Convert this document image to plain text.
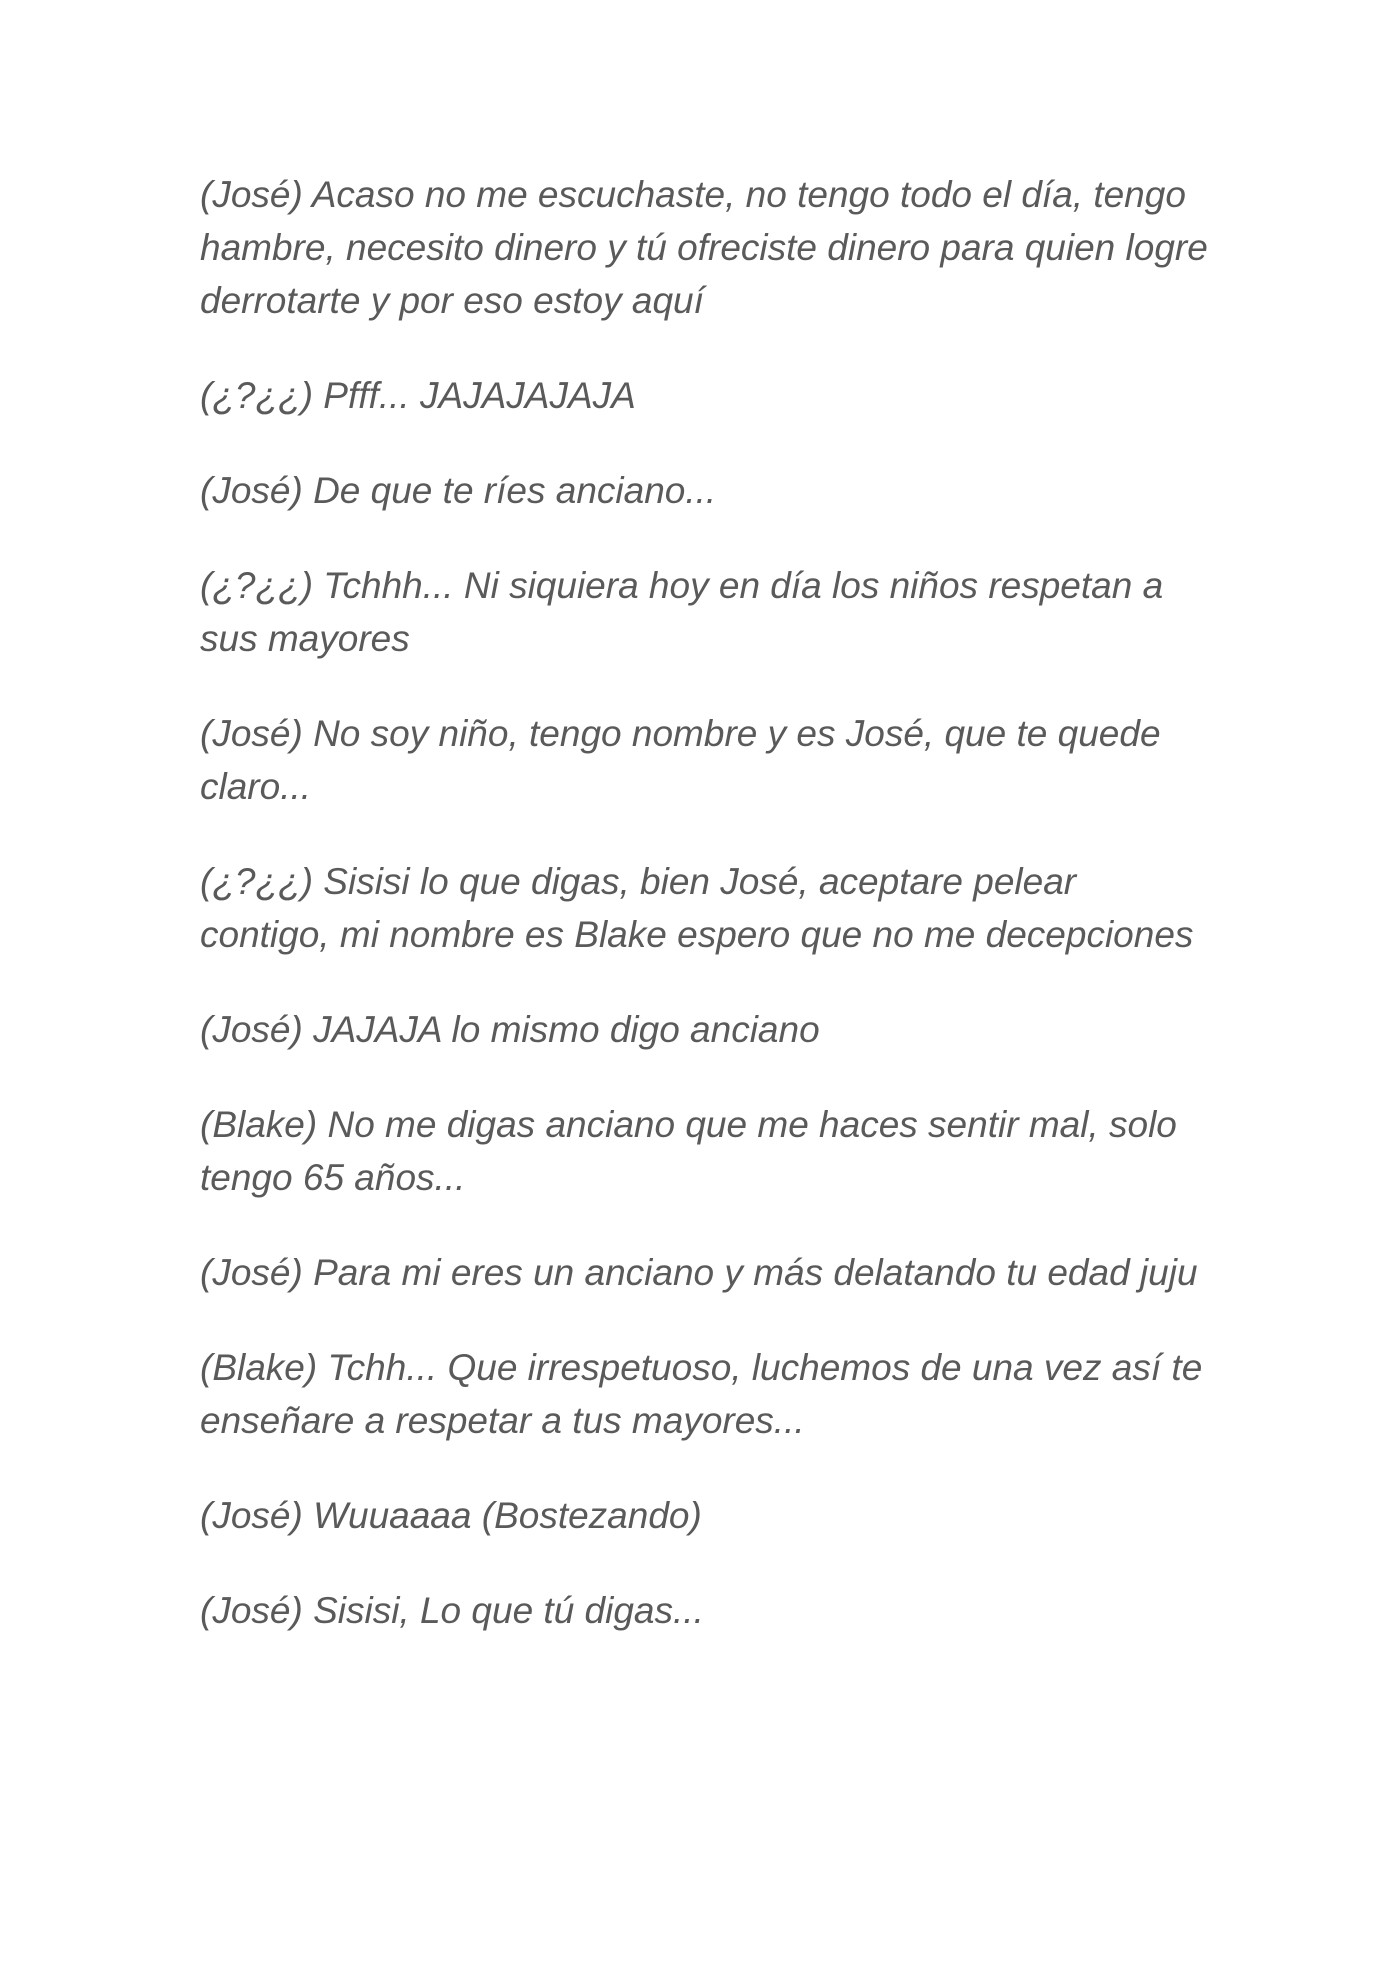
(José) Acaso no me escuchaste, no tengo todo el día, tengo hambre, necesito dinero y tú ofreciste dinero para quien logre derrotarte y por eso estoy aquí

(¿?¿¿) Pfff... JAJAJAJAJA

(José) De que te ríes anciano...

(¿?¿¿) Tchhh... Ni siquiera hoy en día los niños respetan a sus mayores

(José) No soy niño, tengo nombre y es José, que te quede claro...

(¿?¿¿) Sisisi lo que digas, bien José, aceptare pelear contigo, mi nombre es Blake espero que no me decepciones

(José) JAJAJA lo mismo digo anciano

(Blake) No me digas anciano que me haces sentir mal, solo tengo 65 años...

(José) Para mi eres un anciano y más delatando tu edad juju

(Blake) Tchh... Que irrespetuoso, luchemos de una vez así te enseñare a respetar a tus mayores...

(José) Wuuaaaa (Bostezando)

(José) Sisisi, Lo que tú digas...
